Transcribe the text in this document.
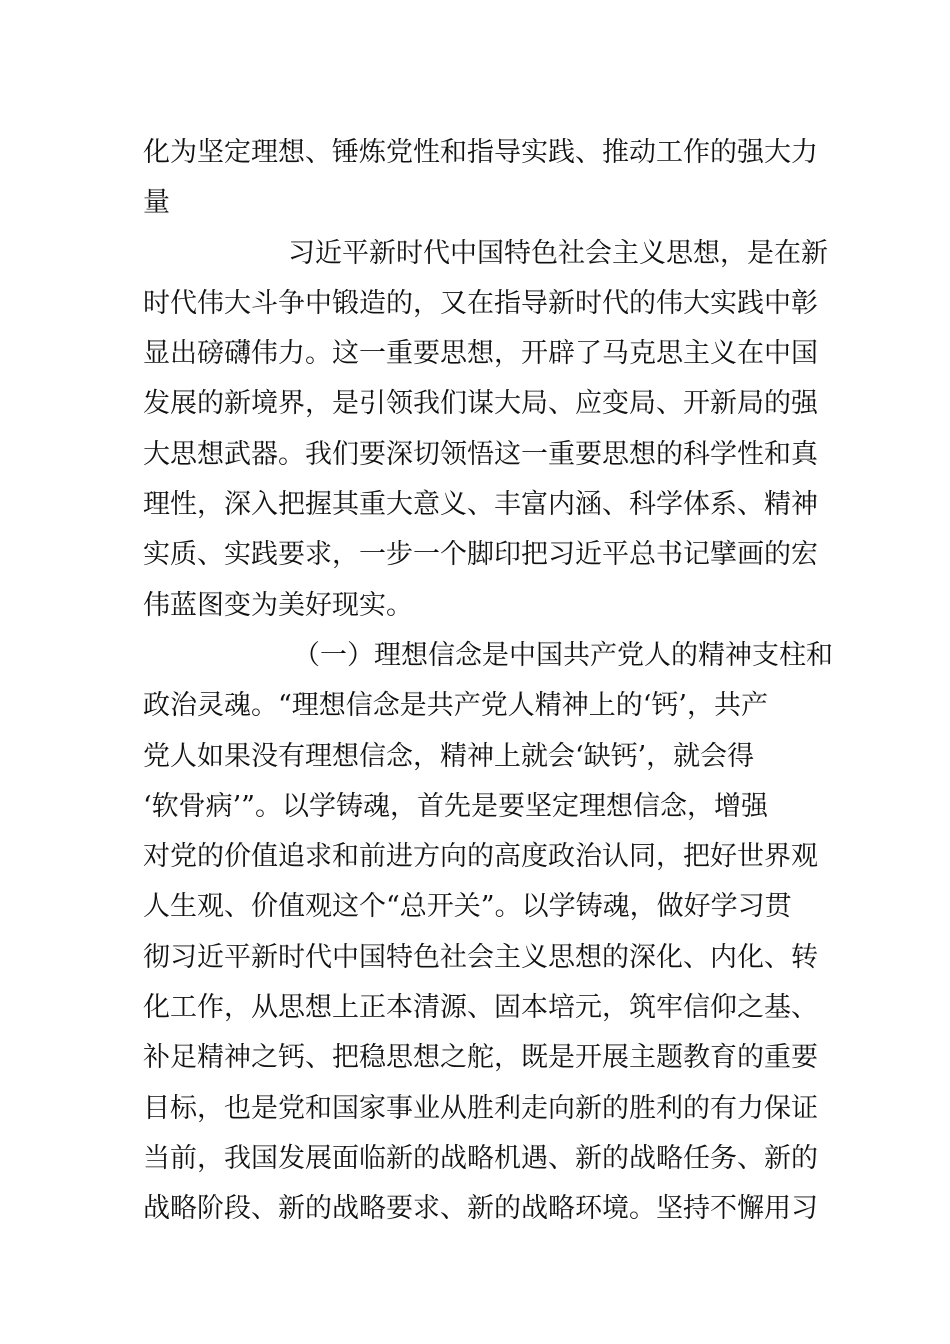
化为坚定理想、锤炼党性和指导实践、推动工作的强大力
量
习近平新时代中国特色社会主义思想，是在新
时代伟大斗争中锻造的，又在指导新时代的伟大实践中彰
显出磅礴伟力。这一重要思想，开辟了马克思主义在中国
发展的新境界，是引领我们谋大局、应变局、开新局的强
大思想武器。我们要深切领悟这一重要思想的科学性和真
理性，深入把握其重大意义、丰富内涵、科学体系、精神
实质、实践要求，一步一个脚印把习近平总书记擘画的宏
伟蓝图变为美好现实。
（一）理想信念是中国共产党人的精神支柱和
政治灵魂。“理想信念是共产党人精神上的‘钙’，共产
党人如果没有理想信念，精神上就会‘缺钙’，就会得
‘软骨病’”。以学铸魂，首先是要坚定理想信念，增强
对党的价值追求和前进方向的高度政治认同，把好世界观
人生观、价值观这个“总开关”。以学铸魂，做好学习贯
彻习近平新时代中国特色社会主义思想的深化、内化、转
化工作，从思想上正本清源、固本培元，筑牢信仰之基、
补足精神之钙、把稳思想之舵，既是开展主题教育的重要
目标，也是党和国家事业从胜利走向新的胜利的有力保证
当前，我国发展面临新的战略机遇、新的战略任务、新的
战略阶段、新的战略要求、新的战略环境。坚持不懈用习
